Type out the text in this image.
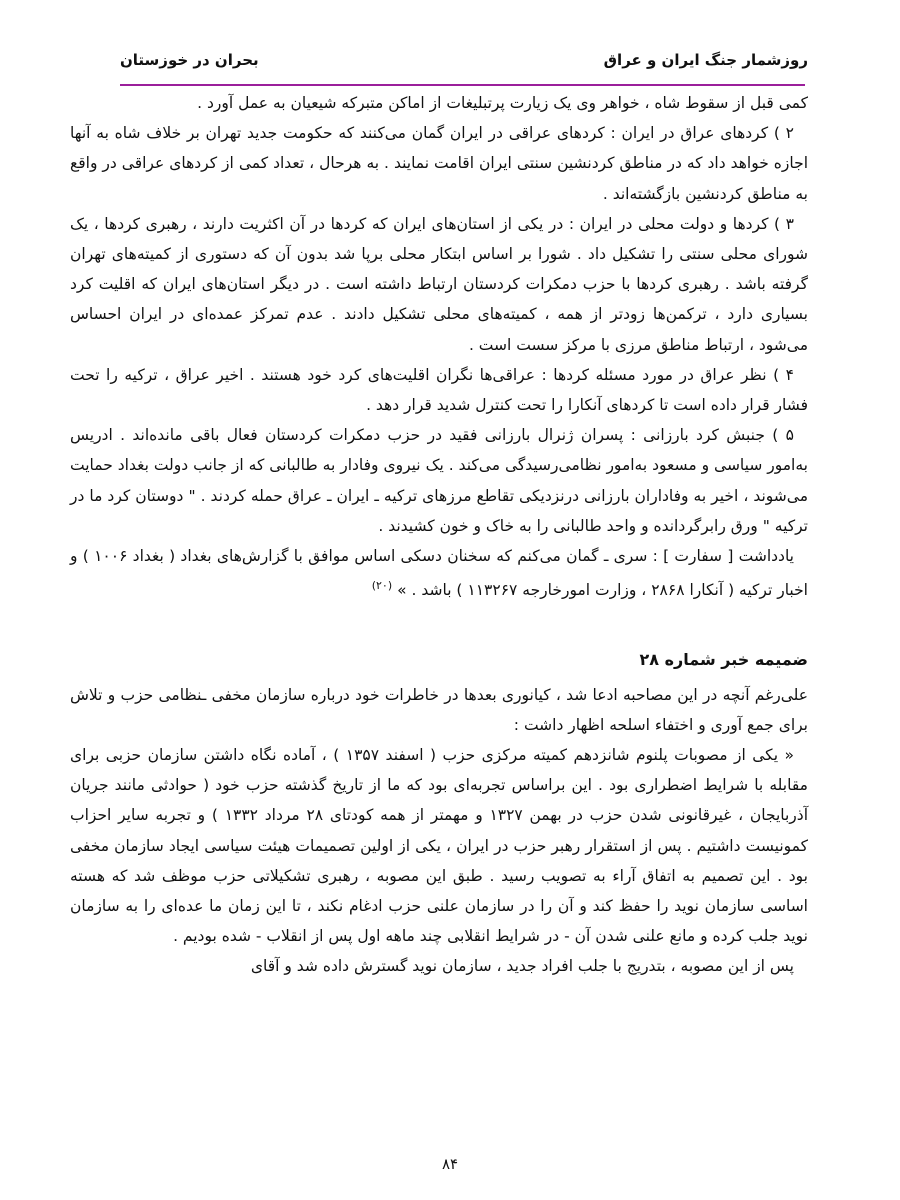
روزشمار جنگ ایران و عراق
بحران در خوزستان

کمی قبل از سقوط شاه ، خواهر وی یک زیارت پرتبلیغات از اماکن متبرکه شیعیان به عمل آورد .

۲ ) کردهای عراق در ایران : کردهای عراقی در ایران گمان می‌کنند که حکومت جدید تهران بر خلاف شاه به آنها اجازه خواهد داد که در مناطق کردنشین سنتی ایران اقامت نمایند . به هرحال ، تعداد کمی از کردهای عراقی در واقع به مناطق کردنشین بازگشته‌اند .

۳ ) کردها و دولت محلی در ایران : در یکی از استان‌های ایران که کردها در آن اکثریت دارند ، رهبری کردها ، یک شورای محلی سنتی را تشکیل داد . شورا بر اساس ابتکار محلی برپا شد بدون آن که دستوری از کمیته‌های تهران گرفته باشد . رهبری کردها با حزب دمکرات کردستان ارتباط داشته است . در دیگر استان‌های ایران که اقلیت کرد بسیاری دارد ، ترکمن‌ها زودتر از همه ، کمیته‌های محلی تشکیل دادند . عدم تمرکز عمده‌ای در ایران احساس می‌شود ، ارتباط مناطق مرزی با مرکز سست است .

۴ ) نظر عراق در مورد مسئله کردها : عراقی‌ها نگران اقلیت‌های کرد خود هستند . اخیر عراق ، ترکیه را تحت فشار قرار داده است تا کردهای آنکارا را تحت کنترل شدید قرار دهد .

۵ ) جنبش کرد بارزانی : پسران ژنرال بارزانی فقید در حزب دمکرات کردستان فعال باقی مانده‌اند . ادریس به‌امور سیاسی و مسعود به‌امور نظامی‌رسیدگی می‌کند . یک نیروی وفادار به طالبانی که از جانب دولت بغداد حمایت می‌شوند ، اخیر به وفاداران بارزانی درنزدیکی تقاطع مرزهای ترکیه ـ ایران ـ عراق حمله کردند . " دوستان کرد ما در ترکیه " ورق رابرگردانده و واحد طالبانی را به خاک و خون کشیدند .

یادداشت [ سفارت ] : سری ـ گمان می‌کنم که سخنان دسکی اساس موافق با گزارش‌های بغداد ( بغداد ۱۰۰۶ ) و اخبار ترکیه ( آنکارا ۲۸۶۸ ، وزارت امورخارجه ۱۱۳۲۶۷ ) باشد . » $^{(۲۰)}$

ضمیمه خبر شماره ۲۸

علی‌رغم آنچه در این مصاحبه ادعا شد ، کیانوری بعدها در خاطرات خود درباره سازمان مخفی ـنظامی حزب و تلاش برای جمع آوری و اختفاء اسلحه اظهار داشت :

« یکی از مصوبات پلنوم شانزدهم کمیته مرکزی حزب ( اسفند ۱۳۵۷ ) ، آماده نگاه داشتن سازمان حزبی برای مقابله با شرایط اضطراری بود . این براساس تجربه‌ای بود که ما از تاریخ گذشته حزب خود ( حوادثی مانند جریان آذربایجان ، غیرقانونی شدن حزب در بهمن ۱۳۲۷ و مهمتر از همه کودتای ۲۸ مرداد ۱۳۳۲ ) و تجربه سایر احزاب کمونیست داشتیم . پس از استقرار رهبر حزب در ایران ، یکی از اولین تصمیمات هیئت سیاسی ایجاد سازمان مخفی بود . این تصمیم به اتفاق آراء به تصویب رسید . طبق این مصوبه ، رهبری تشکیلاتی حزب موظف شد که هسته اساسی سازمان نوید را حفظ کند و آن را در سازمان علنی حزب ادغام نکند ، تا این زمان ما عده‌ای را به سازمان نوید جلب کرده و مانع علنی شدن آن - در شرایط انقلابی چند ماهه اول پس از انقلاب - شده بودیم .

پس از این مصوبه ، بتدریج با جلب افراد جدید ، سازمان نوید گسترش داده شد و آقای

۸۴
